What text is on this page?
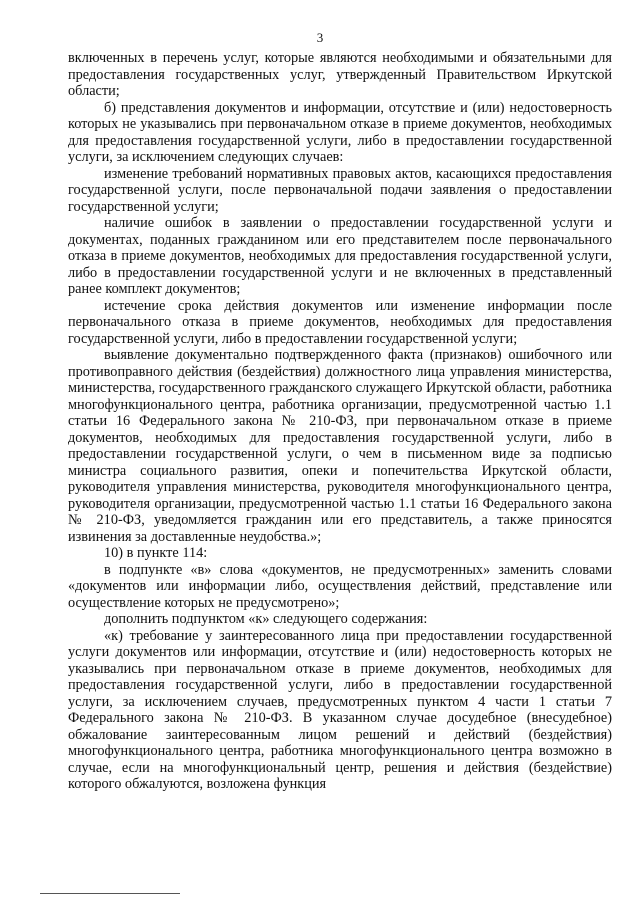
3

включенных в перечень услуг, которые являются необходимыми и обязательными для предоставления государственных услуг, утвержденный Правительством Иркутской области;

б) представления документов и информации, отсутствие и (или) недостоверность которых не указывались при первоначальном отказе в приеме документов, необходимых для предоставления государственной услуги, либо в предоставлении государственной услуги, за исключением следующих случаев:

изменение требований нормативных правовых актов, касающихся предоставления государственной услуги, после первоначальной подачи заявления о предоставлении государственной услуги;

наличие ошибок в заявлении о предоставлении государственной услуги и документах, поданных гражданином или его представителем после первоначального отказа в приеме документов, необходимых для предоставления государственной услуги, либо в предоставлении государственной услуги и не включенных в представленный ранее комплект документов;

истечение срока действия документов или изменение информации после первоначального отказа в приеме документов, необходимых для предоставления государственной услуги, либо в предоставлении государственной услуги;

выявление документально подтвержденного факта (признаков) ошибочного или противоправного действия (бездействия) должностного лица управления министерства, министерства, государственного гражданского служащего Иркутской области, работника многофункционального центра, работника организации, предусмотренной частью 1.1 статьи 16 Федерального закона № 210-ФЗ, при первоначальном отказе в приеме документов, необходимых для предоставления государственной услуги, либо в предоставлении государственной услуги, о чем в письменном виде за подписью министра социального развития, опеки и попечительства Иркутской области, руководителя управления министерства, руководителя многофункционального центра, руководителя организации, предусмотренной частью 1.1 статьи 16 Федерального закона № 210-ФЗ, уведомляется гражданин или его представитель, а также приносятся извинения за доставленные неудобства.»;

10) в пункте 114:

в подпункте «в» слова «документов, не предусмотренных» заменить словами «документов или информации либо, осуществления действий, представление или осуществление которых не предусмотрено»;

дополнить подпунктом «к» следующего содержания:

«к) требование у заинтересованного лица при предоставлении государственной услуги документов или информации, отсутствие и (или) недостоверность которых не указывались при первоначальном отказе в приеме документов, необходимых для предоставления государственной услуги, либо в предоставлении государственной услуги, за исключением случаев, предусмотренных пунктом 4 части 1 статьи 7 Федерального закона № 210-ФЗ. В указанном случае досудебное (внесудебное) обжалование заинтересованным лицом решений и действий (бездействия) многофункционального центра, работника многофункционального центра возможно в случае, если на многофункциональный центр, решения и действия (бездействие) которого обжалуются, возложена функция
